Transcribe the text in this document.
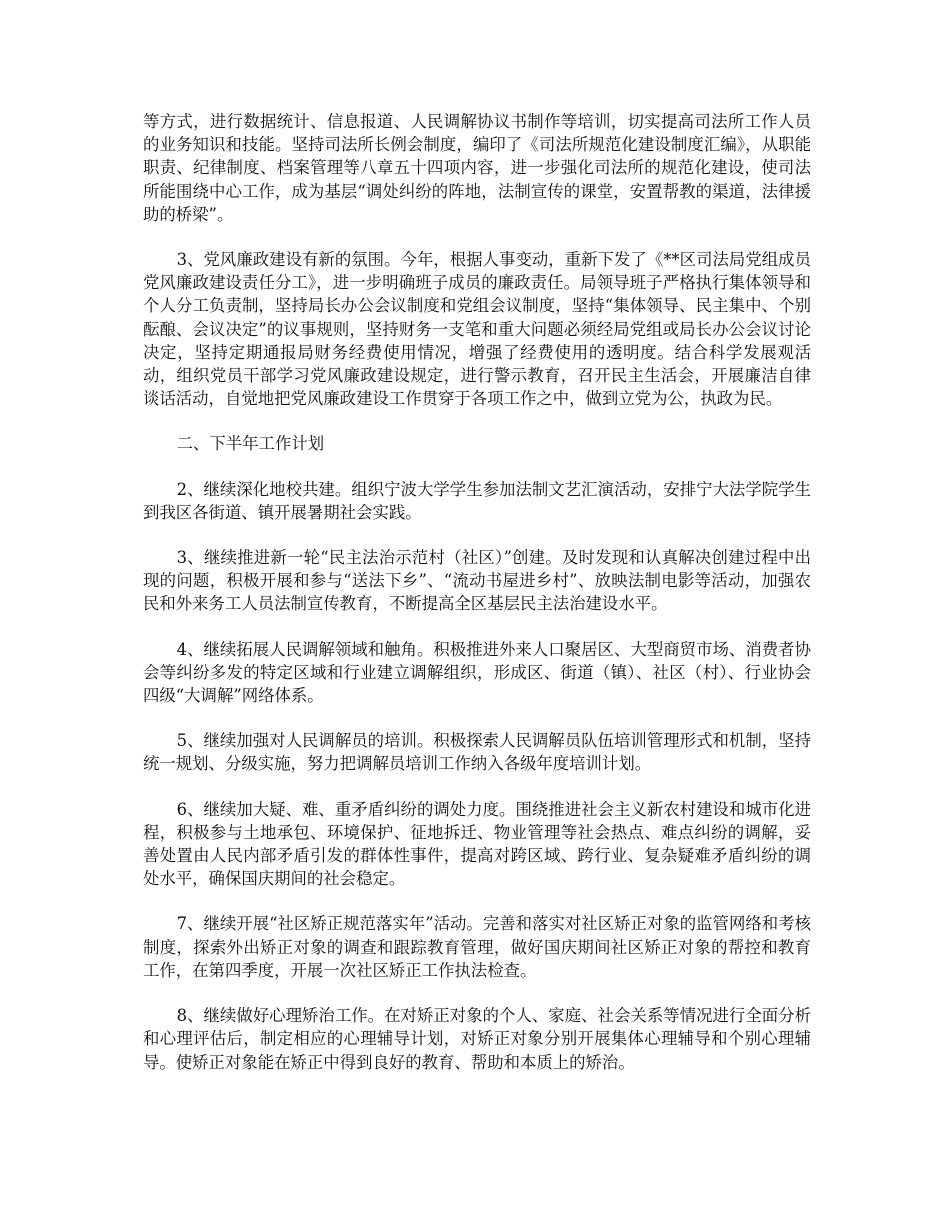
等方式，进行数据统计、信息报道、人民调解协议书制作等培训，切实提高司法所工作人员的业务知识和技能。坚持司法所长例会制度，编印了《司法所规范化建设制度汇编》，从职能职责、纪律制度、档案管理等八章五十四项内容，进一步强化司法所的规范化建设，使司法所能围绕中心工作，成为基层“调处纠纷的阵地，法制宣传的课堂，安置帮教的渠道，法律援助的桥梁”。

3、党风廉政建设有新的氛围。今年，根据人事变动，重新下发了《**区司法局党组成员党风廉政建设责任分工》，进一步明确班子成员的廉政责任。局领导班子严格执行集体领导和个人分工负责制，坚持局长办公会议制度和党组会议制度，坚持“集体领导、民主集中、个别酝酿、会议决定”的议事规则，坚持财务一支笔和重大问题必须经局党组或局长办公会议讨论决定，坚持定期通报局财务经费使用情况，增强了经费使用的透明度。结合科学发展观活动，组织党员干部学习党风廉政建设规定，进行警示教育，召开民主生活会，开展廉洁自律谈话活动，自觉地把党风廉政建设工作贯穿于各项工作之中，做到立党为公，执政为民。

二、下半年工作计划

2、继续深化地校共建。组织宁波大学学生参加法制文艺汇演活动，安排宁大法学院学生到我区各街道、镇开展暑期社会实践。

3、继续推进新一轮“民主法治示范村（社区）”创建。及时发现和认真解决创建过程中出现的问题，积极开展和参与“送法下乡”、“流动书屋进乡村”、放映法制电影等活动，加强农民和外来务工人员法制宣传教育，不断提高全区基层民主法治建设水平。

4、继续拓展人民调解领域和触角。积极推进外来人口聚居区、大型商贸市场、消费者协会等纠纷多发的特定区域和行业建立调解组织，形成区、街道（镇）、社区（村）、行业协会四级“大调解”网络体系。

5、继续加强对人民调解员的培训。积极探索人民调解员队伍培训管理形式和机制，坚持统一规划、分级实施，努力把调解员培训工作纳入各级年度培训计划。

6、继续加大疑、难、重矛盾纠纷的调处力度。围绕推进社会主义新农村建设和城市化进程，积极参与土地承包、环境保护、征地拆迁、物业管理等社会热点、难点纠纷的调解，妥善处置由人民内部矛盾引发的群体性事件，提高对跨区域、跨行业、复杂疑难矛盾纠纷的调处水平，确保国庆期间的社会稳定。

7、继续开展“社区矫正规范落实年”活动。完善和落实对社区矫正对象的监管网络和考核制度，探索外出矫正对象的调查和跟踪教育管理，做好国庆期间社区矫正对象的帮控和教育工作，在第四季度，开展一次社区矫正工作执法检查。

8、继续做好心理矫治工作。在对矫正对象的个人、家庭、社会关系等情况进行全面分析和心理评估后，制定相应的心理辅导计划，对矫正对象分别开展集体心理辅导和个别心理辅导。使矫正对象能在矫正中得到良好的教育、帮助和本质上的矫治。
